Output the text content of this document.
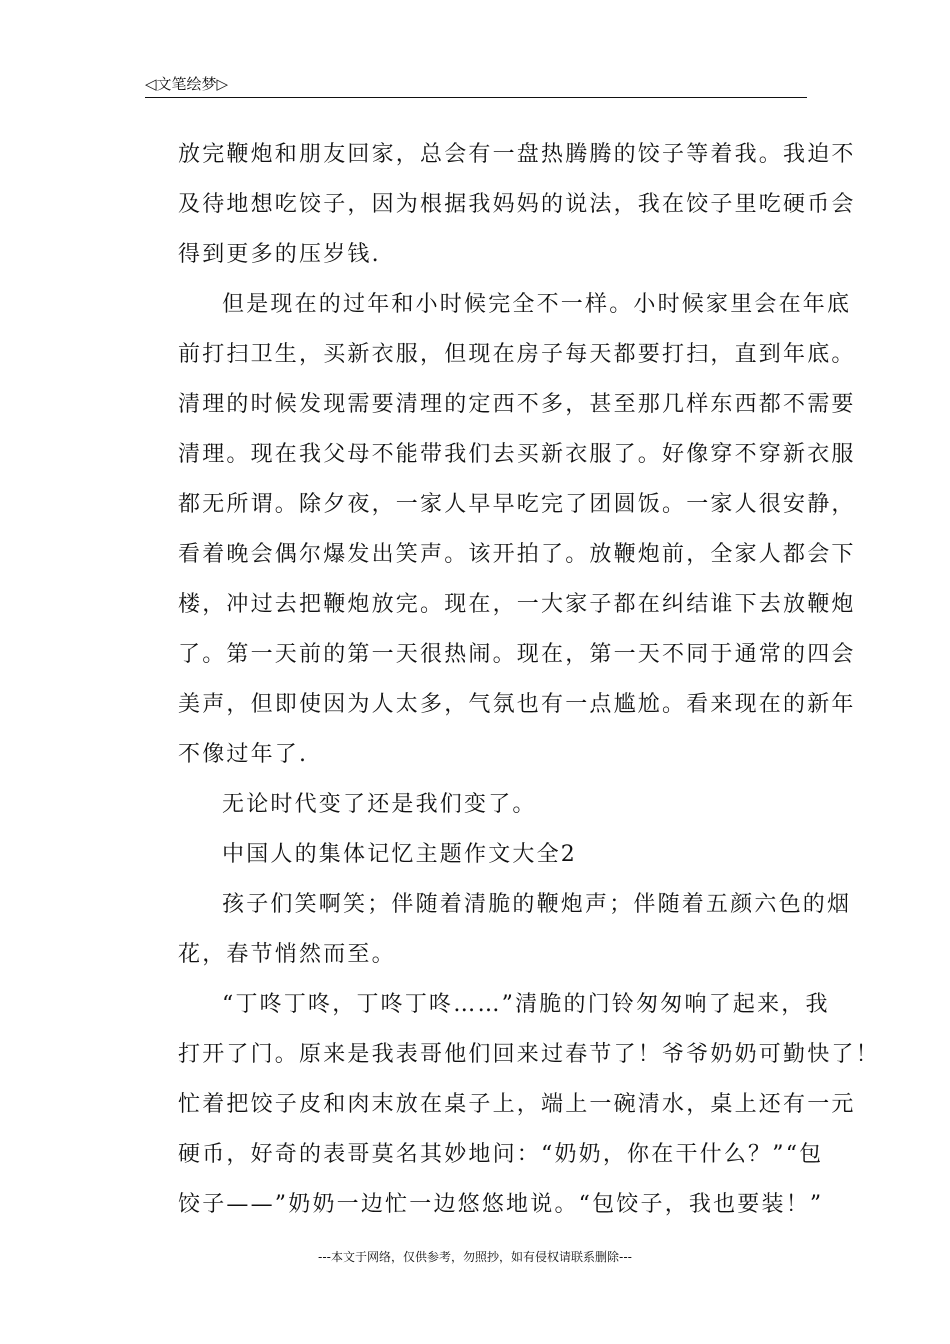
◁文笔绘梦▷
放完鞭炮和朋友回家，总会有一盘热腾腾的饺子等着我。我迫不
及待地想吃饺子，因为根据我妈妈的说法，我在饺子里吃硬币会
得到更多的压岁钱.
但是现在的过年和小时候完全不一样。小时候家里会在年底
前打扫卫生，买新衣服，但现在房子每天都要打扫，直到年底。
清理的时候发现需要清理的定西不多，甚至那几样东西都不需要
清理。现在我父母不能带我们去买新衣服了。好像穿不穿新衣服
都无所谓。除夕夜，一家人早早吃完了团圆饭。一家人很安静，
看着晚会偶尔爆发出笑声。该开拍了。放鞭炮前，全家人都会下
楼，冲过去把鞭炮放完。现在，一大家子都在纠结谁下去放鞭炮
了。第一天前的第一天很热闹。现在，第一天不同于通常的四会
美声，但即使因为人太多，气氛也有一点尴尬。看来现在的新年
不像过年了.
无论时代变了还是我们变了。
中国人的集体记忆主题作文大全2
孩子们笑啊笑；伴随着清脆的鞭炮声；伴随着五颜六色的烟
花，春节悄然而至。
“丁咚丁咚，丁咚丁咚……”清脆的门铃匆匆响了起来，我
打开了门。原来是我表哥他们回来过春节了！爷爷奶奶可勤快了！
忙着把饺子皮和肉末放在桌子上，端上一碗清水，桌上还有一元
硬币，好奇的表哥莫名其妙地问：“奶奶，你在干什么？”“包
饺子——”奶奶一边忙一边悠悠地说。“包饺子，我也要装！”
---本文于网络，仅供参考，勿照抄，如有侵权请联系删除---
